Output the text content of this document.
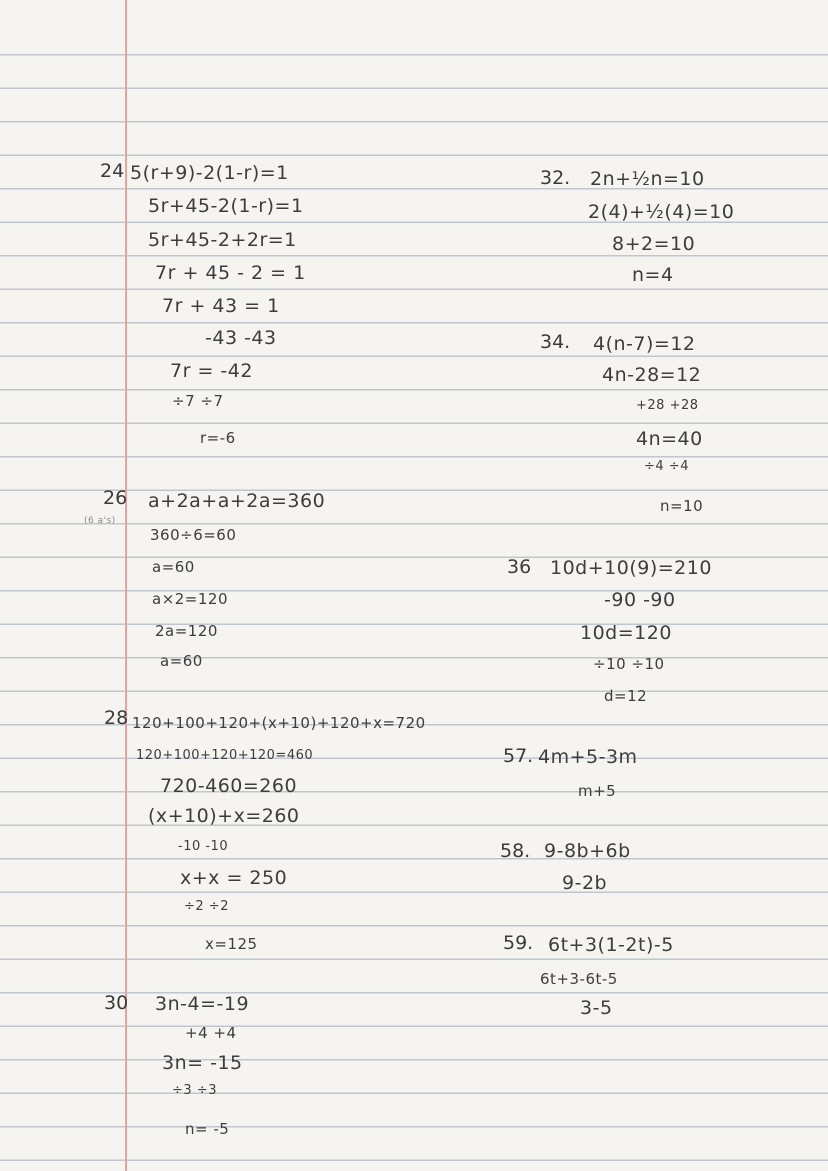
24 5(r+9)-2(1-r)=1
5r+45-2(1-r)=1
5r+45-2+2r=1
7r + 45 - 2 = 1
7r + 43 = 1
-43 -43
7r = -42
÷7 ÷7
r=-6
26
(6 a's)
a+2a+a+2a=360
360÷6=60
a=60
a×2=120
2a=120
a=60
28 120+100+120+(x+10)+120+x=720
120+100+120+120=460
720-460=260
(x+10)+x=260
-10 -10
x+x = 250
÷2 ÷2
x=125
30 3n-4=-19
+4 +4
3n= -15
÷3 ÷3
n= -5
32. 2n+½n=10
2(4)+½(4)=10
8+2=10
n=4
34. 4(n-7)=12
4n-28=12
+28 +28
4n=40
÷4 ÷4
n=10
36 10d+10(9)=210
-90 -90
10d=120
÷10 ÷10
d=12
57. 4m+5-3m
m+5
58. 9-8b+6b
9-2b
59. 6t+3(1-2t)-5
6t+3-6t-5
3-5
